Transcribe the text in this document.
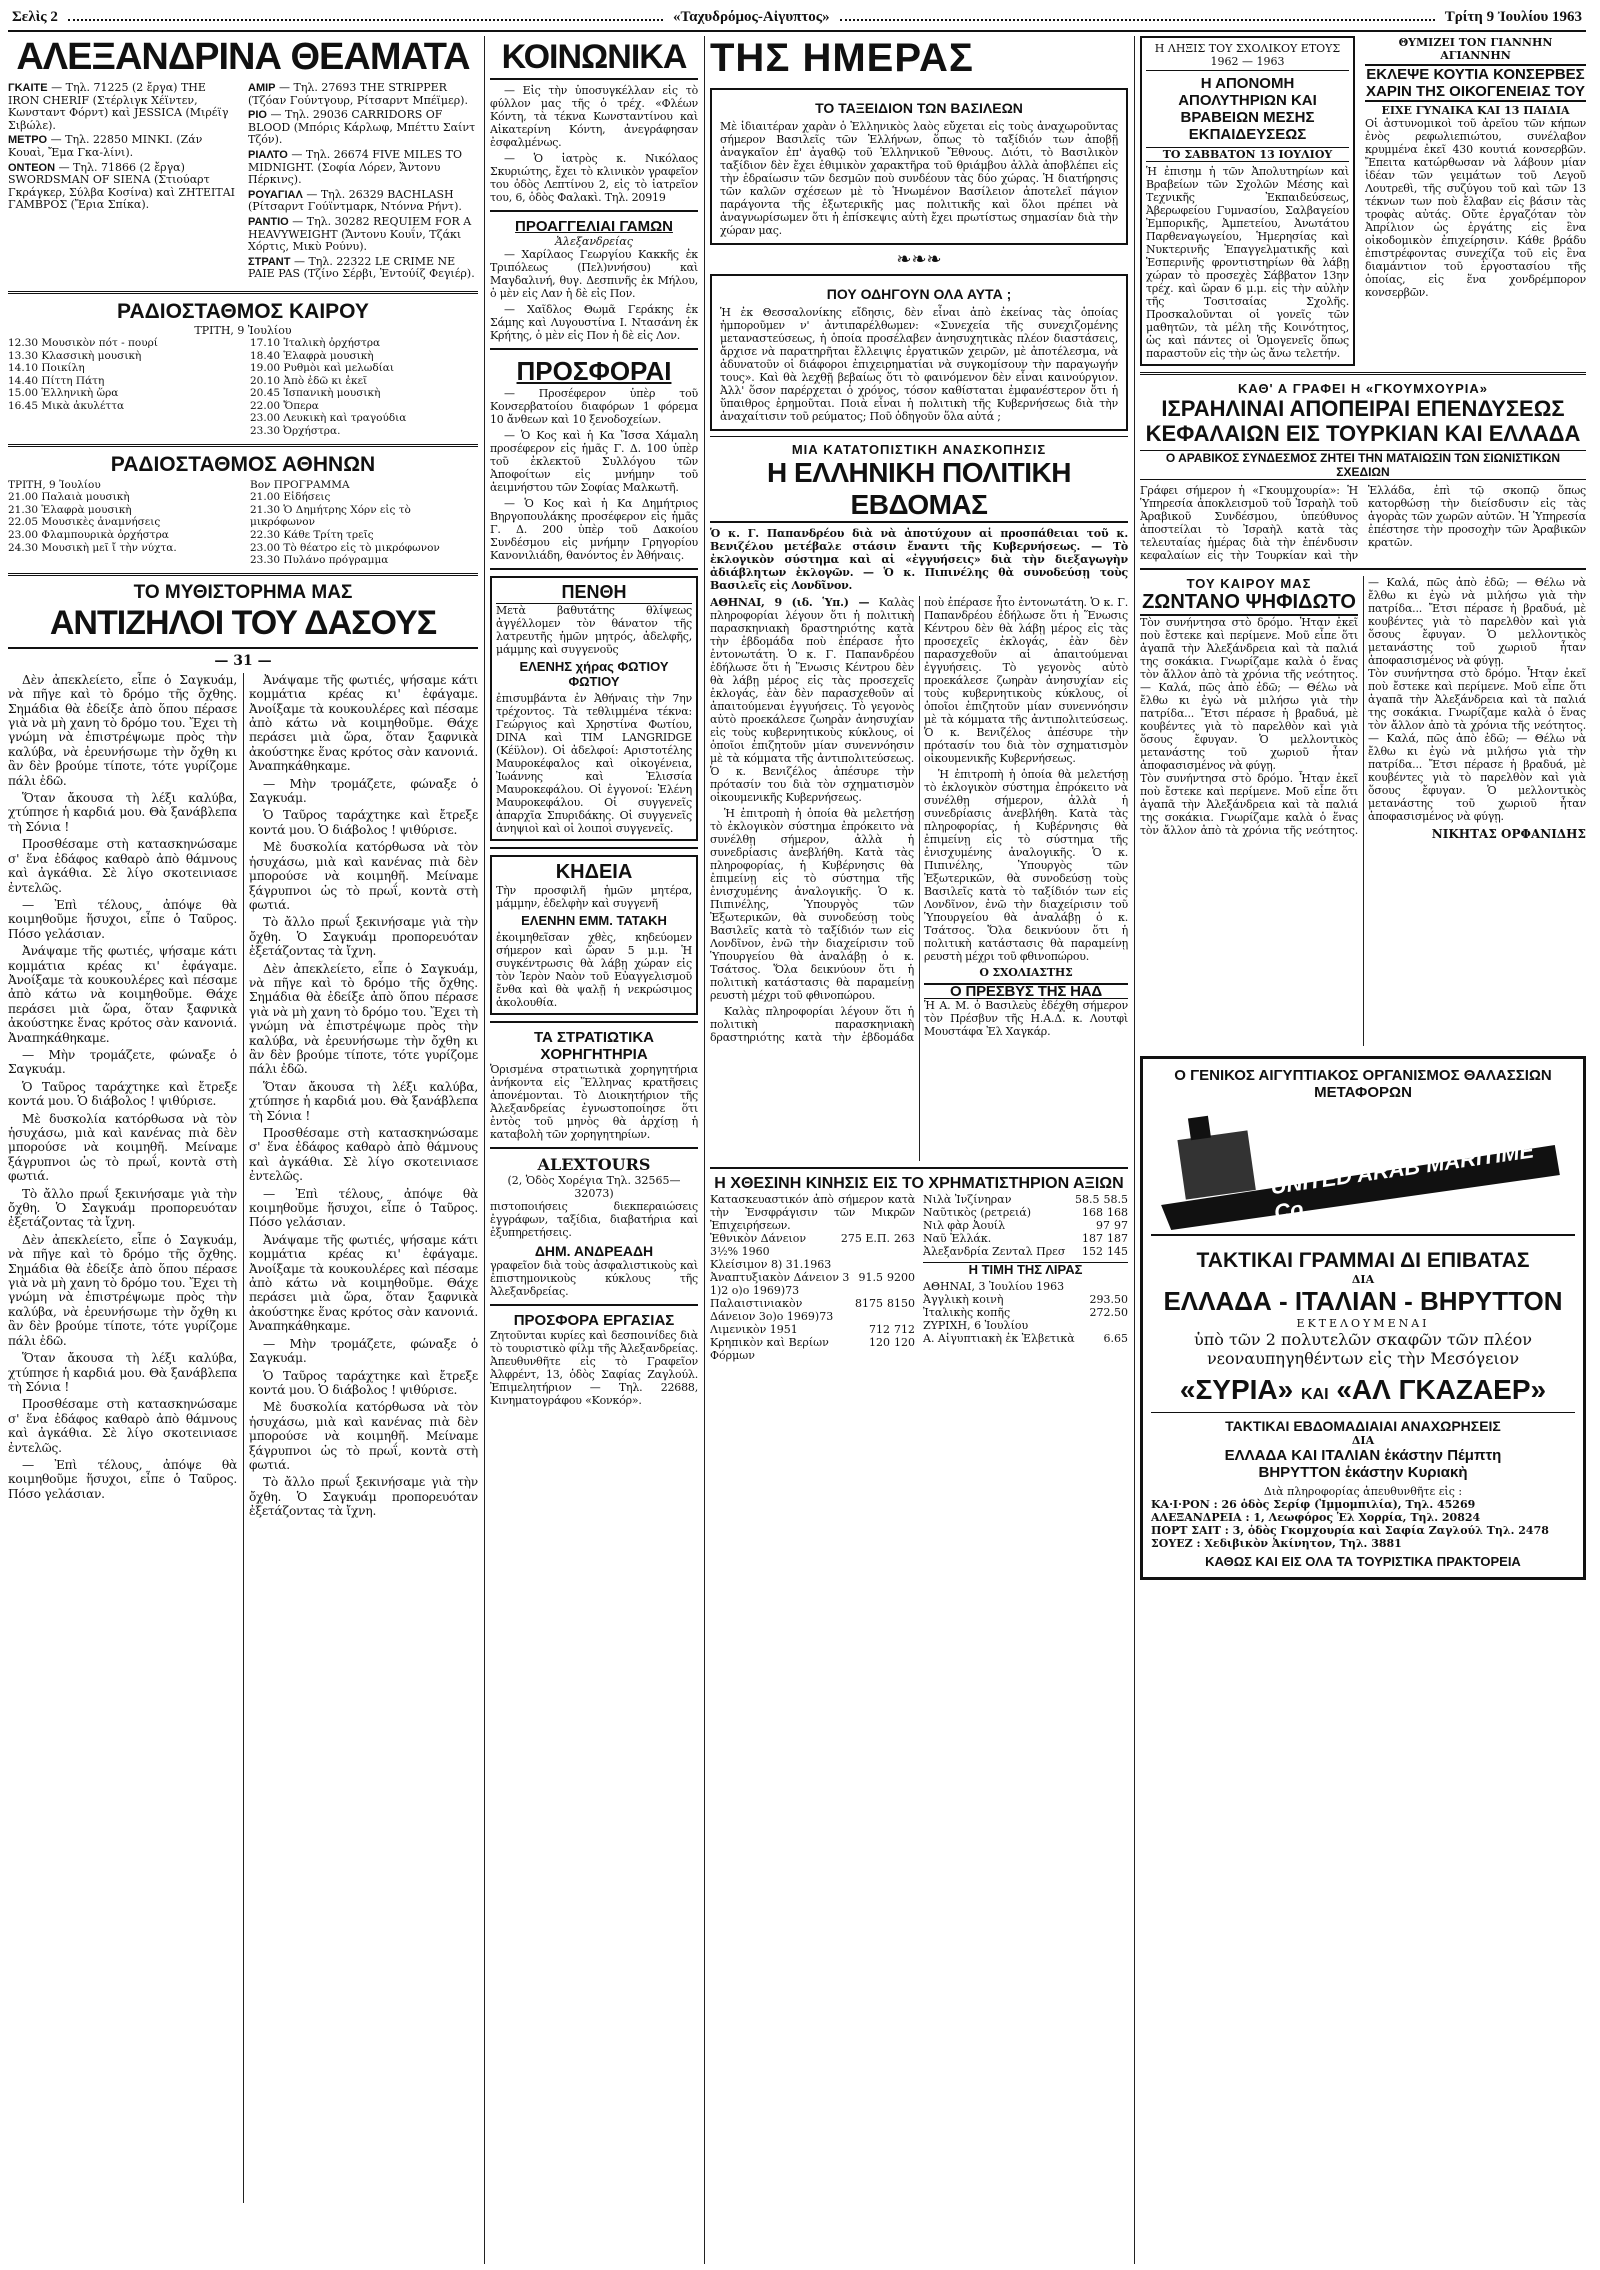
Σελὶς 2	«Ταχυδρόμος-Αἰγυπτος»	Τρίτη 9 Ἰουλίου 1963
ΑΛΕΞΑΝΔΡΙΝΑ ΘΕΑΜΑΤΑ
ΓΚΑΙΤΕ — Τηλ. 71225 (2 ἔργα) THE IRON CHERIF (Στέρλιγκ Χέϊντεν, Κωνσταντ Φόρντ) καὶ JESSICA (Μιρέϊγ Σιβώλε).
ΜΕΤΡΟ — Τηλ. 22850 MINKI. (Ζάν Κουαὶ, Ἔμα Γκα-λίνι).
ΟΝΤΕΟΝ — Τηλ. 71866 (2 ἔργα) SWORDSMAN OF SIENA (Στιούαρτ Γκράγκερ, Σύλβα Κοσίνα) καὶ ΖΗΤΕΙΤΑΙ ΓΑΜΒΡΟΣ (Ἔρια Σπίκα).
ΑΜΙΡ — Τηλ. 27693 THE STRIPPER (Τζόαν Γούντγουρ, Ρίτσαρντ Μπέϊμερ).
ΡΙΟ — Τηλ. 29036 CARRIDORS OF BLOOD (Μπόρις Κάρλωφ, Μπέττυ Σαίντ Τζόν).
ΡΙΑΛΤΟ — Τηλ. 26674 FIVE MILES TO MIDNIGHT. (Σοφία Λόρεν, Ἄντονυ Πέρκινς).
ΡΟΥΑΓΙΑΛ — Τηλ. 26329 BACHLASH (Ρίτσαρντ Γούϊντμαρκ, Ντόννα Ρήντ).
ΡΑΝΤΙΟ — Τηλ. 30282 REQUIEM FOR A HEAVYWEIGHT (Ἄντονυ Κουΐν, Τζάκι Χόρτις, Μικὺ Ρούνυ).
ΣΤΡΑΝΤ — Τηλ. 22322 LE CRIME NE PAIE PAS (Τζίνο Σέρβι, Ἐντούίζ Φεγιέρ).
ΡΑΔΙΟΣΤΑΘΜΟΣ ΚΑΙΡΟΥ
ΤΡΙΤΗ, 9 Ἰουλίου
12.30 Μουσικὸν πότ - πουρί
13.30 Κλασσικὴ μουσικὴ
14.10 Ποικίλη
14.40 Πίττη Πάτη
15.00 Ἑλληνικὴ ὥρα
16.45 Μικὰ ἀκυλέττα
17.10 Ἰταλικὴ ὀρχήστρα
18.40 Ἑλαφρὰ μουσικὴ
19.00 Ρυθμὸι καὶ μελωδίαι
20.10 Ἀπὸ ἐδῶ κι ἐκεῖ
20.45 Ἰσπανικὴ μουσικὴ
22.00 Ὄπερα
23.00 Λευκικὴ καὶ τραγούδια
23.30 Ὀρχήστρα.
ΡΑΔΙΟΣΤΑΘΜΟΣ ΑΘΗΝΩΝ
ΤΡΙΤΗ, 9 Ἰουλίου	Βον ΠΡΟΓΡΑΜΜΑ
21.00 Παλαιὰ μουσικὴ
21.30 Ἑλαφρὰ μουσικὴ
22.05 Μουσικὲς ἀναμνήσεις
23.00 Φλαμπουρικὰ ὀρχήστρα
24.30 Μουσικὴ μεῖ ἴ τὴν νύχτα.
21.00 Εἰδήσεις
21.30 Ὁ Δημήτρης Χόρν εἰς τὸ μικρόφωνον
22.30 Κάθε Τρίτη τρεῖς
23.00 Τὸ θέατρο εἰς τὸ μικρόφωνον
23.30 Πυλάνο πρόγραμμα
ΤΟ ΜΥΘΙΣΤΟΡΗΜΑ ΜΑΣ
ΑΝΤΙΖΗΛΟΙ ΤΟΥ ΔΑΣΟΥΣ
— 31 —

Δὲν ἀπεκλείετο, εἶπε ὁ Σαγκυάμ, νὰ πῆγε καὶ τὸ δρόμο τῆς ὄχθης. Σημάδια θὰ ἐδείξε ἀπὸ ὅπου πέρασε γιὰ νὰ μὴ χανη τὸ δρόμο του. Ἔχει τὴ γνώμη νὰ ἐπιστρέψωμε πρὸς τὴν καλύβα, νὰ ἐρευνήσωμε τὴν ὄχθη κι ἂν δὲν βρούμε τίποτε, τότε γυρίζομε πάλι ἐδῶ.

Ὅταν ἄκουσα τὴ λέξι καλύβα, χτύπησε ἡ καρδιά μου. Θὰ ξανάβλεπα τὴ Σόνια !

Προσθέσαμε στὴ κατασκηνώσαμε σ' ἕνα ἐδάφος καθαρὸ ἀπὸ θάμνους καὶ ἀγκάθια. Σὲ λίγο σκοτεινιασε ἐντελῶς.

— Ἐπὶ τέλους, ἀπόψε θὰ κοιμηθοῦμε ἥσυχοι, εἶπε ὁ Ταῦρος. Πόσο γελάσιαν.

Ἀνάψαμε τῆς φωτιές, ψήσαμε κάτι κομμάτια κρέας κι' ἐφάγαμε. Ἀνοίξαμε τὰ κουκουλέρες καὶ πέσαμε ἀπὸ κάτω νὰ κοιμηθοῦμε. Θάχε περάσει μιὰ ὥρα, ὅταν ξαφνικὰ ἀκούστηκε ἕνας κρότος σὰν κανονιά. Ἀναπηκάθηκαμε.

— Μὴν τρομάζετε, φώναξε ὁ Σαγκυάμ.

Ὁ Ταῦρος ταράχτηκε καὶ ἔτρεξε κοντά μου. Ὁ διάβολος ! ψιθύρισε.

Μὲ δυσκολία κατόρθωσα νὰ τὸν ἡσυχάσω, μιὰ καὶ κανένας πιὰ δὲν μπορούσε νὰ κοιμηθῆ. Μείναμε ξάγρυπνοι ὡς τὸ πρωΐ, κοντὰ στὴ φωτιά.

Τὸ ἄλλο πρωΐ ξεκινήσαμε γιὰ τὴν ὄχθη. Ὁ Σαγκυάμ προπορευόταν ἐξετάζοντας τὰ ἴχνη.

Δὲν ἀπεκλείετο, εἶπε ὁ Σαγκυάμ, νὰ πῆγε καὶ τὸ δρόμο τῆς ὄχθης. Σημάδια θὰ ἐδείξε ἀπὸ ὅπου πέρασε γιὰ νὰ μὴ χανη τὸ δρόμο του. Ἔχει τὴ γνώμη νὰ ἐπιστρέψωμε πρὸς τὴν καλύβα, νὰ ἐρευνήσωμε τὴν ὄχθη κι ἂν δὲν βρούμε τίποτε, τότε γυρίζομε πάλι ἐδῶ.

Ὅταν ἄκουσα τὴ λέξι καλύβα, χτύπησε ἡ καρδιά μου. Θὰ ξανάβλεπα τὴ Σόνια !

Προσθέσαμε στὴ κατασκηνώσαμε σ' ἕνα ἐδάφος καθαρὸ ἀπὸ θάμνους καὶ ἀγκάθια. Σὲ λίγο σκοτεινιασε ἐντελῶς.

— Ἐπὶ τέλους, ἀπόψε θὰ κοιμηθοῦμε ἥσυχοι, εἶπε ὁ Ταῦρος. Πόσο γελάσιαν.

Ἀνάψαμε τῆς φωτιές, ψήσαμε κάτι κομμάτια κρέας κι' ἐφάγαμε. Ἀνοίξαμε τὰ κουκουλέρες καὶ πέσαμε ἀπὸ κάτω νὰ κοιμηθοῦμε. Θάχε περάσει μιὰ ὥρα, ὅταν ξαφνικὰ ἀκούστηκε ἕνας κρότος σὰν κανονιά. Ἀναπηκάθηκαμε.

— Μὴν τρομάζετε, φώναξε ὁ Σαγκυάμ.

Ὁ Ταῦρος ταράχτηκε καὶ ἔτρεξε κοντά μου. Ὁ διάβολος ! ψιθύρισε.

Μὲ δυσκολία κατόρθωσα νὰ τὸν ἡσυχάσω, μιὰ καὶ κανένας πιὰ δὲν μπορούσε νὰ κοιμηθῆ. Μείναμε ξάγρυπνοι ὡς τὸ πρωΐ, κοντὰ στὴ φωτιά.

Τὸ ἄλλο πρωΐ ξεκινήσαμε γιὰ τὴν ὄχθη. Ὁ Σαγκυάμ προπορευόταν ἐξετάζοντας τὰ ἴχνη.

Δὲν ἀπεκλείετο, εἶπε ὁ Σαγκυάμ, νὰ πῆγε καὶ τὸ δρόμο τῆς ὄχθης. Σημάδια θὰ ἐδείξε ἀπὸ ὅπου πέρασε γιὰ νὰ μὴ χανη τὸ δρόμο του. Ἔχει τὴ γνώμη νὰ ἐπιστρέψωμε πρὸς τὴν καλύβα, νὰ ἐρευνήσωμε τὴν ὄχθη κι ἂν δὲν βρούμε τίποτε, τότε γυρίζομε πάλι ἐδῶ.

Ὅταν ἄκουσα τὴ λέξι καλύβα, χτύπησε ἡ καρδιά μου. Θὰ ξανάβλεπα τὴ Σόνια !

Προσθέσαμε στὴ κατασκηνώσαμε σ' ἕνα ἐδάφος καθαρὸ ἀπὸ θάμνους καὶ ἀγκάθια. Σὲ λίγο σκοτεινιασε ἐντελῶς.

— Ἐπὶ τέλους, ἀπόψε θὰ κοιμηθοῦμε ἥσυχοι, εἶπε ὁ Ταῦρος. Πόσο γελάσιαν.

Ἀνάψαμε τῆς φωτιές, ψήσαμε κάτι κομμάτια κρέας κι' ἐφάγαμε. Ἀνοίξαμε τὰ κουκουλέρες καὶ πέσαμε ἀπὸ κάτω νὰ κοιμηθοῦμε. Θάχε περάσει μιὰ ὥρα, ὅταν ξαφνικὰ ἀκούστηκε ἕνας κρότος σὰν κανονιά. Ἀναπηκάθηκαμε.

— Μὴν τρομάζετε, φώναξε ὁ Σαγκυάμ.

Ὁ Ταῦρος ταράχτηκε καὶ ἔτρεξε κοντά μου. Ὁ διάβολος ! ψιθύρισε.

Μὲ δυσκολία κατόρθωσα νὰ τὸν ἡσυχάσω, μιὰ καὶ κανένας πιὰ δὲν μπορούσε νὰ κοιμηθῆ. Μείναμε ξάγρυπνοι ὡς τὸ πρωΐ, κοντὰ στὴ φωτιά.

Τὸ ἄλλο πρωΐ ξεκινήσαμε γιὰ τὴν ὄχθη. Ὁ Σαγκυάμ προπορευόταν ἐξετάζοντας τὰ ἴχνη.

ΚΟΙΝΩΝΙΚΑ

— Εἰς τὴν ὑποσυγκέλλαν εἰς τὸ φύλλον μας τῆς ὁ τρέχ. «Φλέων Κόντη, τὰ τέκνα Κωνσταντίνου καὶ Αἰκατερίνη Κόντη, ἀνεγράφησαν ἐσφαλμένως.

— Ὁ ἰατρὸς κ. Νικόλαος Σκυριώτης, ἔχει τὸ κλινικὸν γραφεῖον του ὁδὸς Λεπτίνου 2, εἰς τὸ ἰατρεῖον του, 6, ὁδὸς Φαλακὶ. Τηλ. 20919

ΠΡΟΑΓΓΕΛΙΑΙ ΓΑΜΩΝ
Ἀλεξανδρείας

— Χαρίλαος Γεωργίου Κακκῆς ἐκ Τριπόλεως (Πελ)ννήσου) καὶ Μαγδαλινή, θυγ. Δεσπινῆς ἐκ Μήλου, ὁ μὲν εἰς Λαν ἡ δὲ εἰς Πον.

— Χαῖδλος Θωμᾶ Γεράκης ἐκ Σάμης καὶ Λυγουστίνα Ι. Ντασάνη ἐκ Κρήτης, ὁ μὲν εἰς Πον ἡ δὲ εἰς Λον.

ΠΡΟΣΦΟΡΑΙ

— Προσέφερον ὑπὲρ τοῦ Κονσερβατοίου διαφόρων 1 φόρεμα 10 ἄνθεων καὶ 10 ξενοδοχείων.

— Ὁ Κος καὶ ἡ Κα Ἴσσα Χάμαλη προσέφερον εἰς ἡμᾶς Γ. Δ. 100 ὑπὲρ τοῦ ἐκλεκτοῦ Συλλόγου τῶν Ἀποφοίτων εἰς μνήμην τοῦ ἀειμνήστου τῶν Σοφίας Μαλκωτῆ.

— Ὁ Κος καὶ ἡ Κα Δημήτριος Βηργοπουλάκης προσέφερον εἰς ἡμᾶς Γ. Δ. 200 ὑπὲρ τοῦ Δακοίου Συνδέσμου εἰς μνήμην Γρηγορίου Κανονιλιάδη, θανόντος ἐν Ἀθήναις.

ΠΕΝΘΗ
Μετὰ βαθυτάτης θλίψεως ἀγγέλλομεν τὸν θάνατον τῆς λατρευτῆς ἡμῶν μητρός, ἀδελφῆς, μάμμης καὶ συγγενοῦς
ΕΛΕΝΗΣ χήρας ΦΩΤΙΟΥ ΦΩΤΙΟΥ
ἐπισυμβάντα ἐν Ἀθήναις τὴν 7ην τρέχοντος. Τὰ τεθλιμμένα τέκνα: Γεώργιος καὶ Χρηστίνα Φωτίου, DINA καὶ TIM LANGRIDGE (Κέϋλον). Οἱ ἀδελφοί: Αριστοτέλης Μαυροκέφαλος καὶ οἰκογένεια, Ἰωάννης καὶ Ἑλισσία Μαυροκεφάλου. Οἱ ἐγγονοί: Ἑλένη Μαυροκεφάλου. Οἱ συγγενεῖς ἀπαρχῖα Σπυριδάκης. Οἱ συγγενεῖς ἀνηψιοὶ καὶ οἱ λοιποὶ συγγενεῖς.
ΚΗΔΕΙΑ
Τὴν προσφιλῆ ἡμῶν μητέρα, μάμμην, ἐδελφὴν καὶ συγγενῆ
ΕΛΕΝΗΝ ΕΜΜ. ΤΑΤΑΚΗ
ἐκοιμηθεῖσαν χθὲς, κηδεύομεν σήμερον καὶ ὥραν 5 μ.μ. Ἡ συγκέντρωσις θὰ λάβῃ χώραν εἰς τὸν Ἱερὸν Ναὸν τοῦ Εὐαγγελισμοῦ ἔνθα καὶ θὰ ψαλῇ ἡ νεκρώσιμος ἀκολουθία.
ΤΑ ΣΤΡΑΤΙΩΤΙΚΑ ΧΟΡΗΓΗΤΗΡΙΑ
Ὁρισμένα στρατιωτικὰ χορηγητήρια ἀνήκοντα εἰς Ἕλληνας κρατῆσεις ἀπονέμονται. Τὸ Διοικητήριον τῆς Ἀλεξανδρείας ἐγνωστοποίησε ὅτι ἐντὸς τοῦ μηνὸς θὰ ἀρχίσῃ ἡ καταβολὴ τῶν χορηγητηρίων.
ALEXTOURS
(2, Ὁδὸς Χορέγια Τηλ. 32565—32073)
πιστοποιήσεις διεκπεραιώσεις ἐγγράφων, ταξίδια, διαβατήρια καὶ ἐξυπηρετήσεις.
ΔΗΜ. ΑΝΔΡΕΑΔΗ
γραφεῖον διὰ τοὺς ἀσφαλιστικοὺς καὶ ἐπιστημονικοὺς κύκλους τῆς Ἀλεξανδρείας.
ΠΡΟΣΦΟΡΑ ΕΡΓΑΣΙΑΣ
Ζητοῦνται κυρίες καὶ δεσποινίδες διὰ τὸ τουριστικὸ φίλμ τῆς Ἀλεξανδρείας. Ἀπευθυνθῆτε εἰς τὸ Γραφεῖον Ἀλφρέντ, 13, ὁδὸς Σαφίας Ζαγλούλ. Ἐπιμελητήριον — Τηλ. 22688, Κινηματογράφου «Κονκόρ».
ΤΗΣ ΗΜΕΡΑΣ
ΤΟ ΤΑΞΕΙΔΙΟΝ ΤΩΝ ΒΑΣΙΛΕΩΝ
Μὲ ἰδιαιτέραν χαρὰν ὁ Ἑλληνικὸς λαὸς εὔχεται εἰς τοὺς ἀναχωροῦντας σήμερον Βασιλεῖς τῶν Ἑλλήνων, ὅπως τὸ ταξίδιόν των ἀποβῇ ἀναγκαῖον ἐπ' ἀγαθῷ τοῦ Ἑλληνικοῦ Ἔθνους. Διότι, τὸ Βασιλικὸν ταξίδιον δὲν ἔχει ἐθιμικὸν χαρακτῆρα τοῦ θριάμβου ἀλλὰ ἀποβλέπει εἰς τὴν ἐδραίωσιν τῶν δεσμῶν ποὺ συνδέουν τὰς δύο χώρας. Ἡ διατήρησις τῶν καλῶν σχέσεων μὲ τὸ Ἡνωμένον Βασίλειον ἀποτελεῖ πάγιον παράγοντα τῆς ἐξωτερικῆς μας πολιτικῆς καὶ ὅλοι πρέπει νὰ ἀναγνωρίσωμεν ὅτι ἡ ἐπίσκεψις αὐτὴ ἔχει πρωτίστως σημασίαν διὰ τὴν χώραν μας.
❧❧❧
ΠΟΥ ΟΔΗΓΟΥΝ ΟΛΑ ΑΥΤΑ ;
Ἡ ἐκ Θεσσαλονίκης εἴδησις, δὲν εἶναι ἀπὸ ἐκείνας τὰς ὁποίας ἠμποροῦμεν ν' ἀντιπαρέλθωμεν: «Συνεχεία τῆς συνεχιζομένης μεταναστεύσεως, ἡ ὁποία προσέλαβεν ἀνησυχητικὰς πλέον διαστάσεις, ἄρχισε νὰ παρατηρῆται ἔλλειψις ἐργατικῶν χειρῶν, μὲ ἀποτέλεσμα, νὰ ἀδυνατοῦν οἱ διάφοροι ἐπιχειρηματίαι νὰ συγκομίσουν τὴν παραγωγήν τους». Καὶ θὰ λεχθῇ βεβαίως ὅτι τὸ φαινόμενον δὲν εἶναι καινούργιον. Ἀλλ' ὅσον παρέρχεται ὁ χρόνος, τόσον καθίσταται ἐμφανέστερον ὅτι ἡ ὕπαιθρος ἐρημοῦται. Ποιὰ εἶναι ἡ πολιτικὴ τῆς Κυβερνήσεως διὰ τὴν ἀναχαίτισιν τοῦ ρεύματος; Ποῦ ὁδηγοῦν ὅλα αὐτά ;
ΜΙΑ ΚΑΤΑΤΟΠΙΣΤΙΚΗ ΑΝΑΣΚΟΠΗΣΙΣ
Η ΕΛΛΗΝΙΚΗ ΠΟΛΙΤΙΚΗ ΕΒΔΟΜΑΣ
Ὁ κ. Γ. Παπανδρέου διὰ νὰ ἀποτύχουν αἱ προσπάθειαι τοῦ κ. Βενιζέλου μετέβαλε στάσιν ἔναντι τῆς Κυβερνήσεως. — Τὸ ἐκλογικὸν σύστημα καὶ αἱ «ἐγγυήσεις» διὰ τὴν διεξαγωγὴν ἀδιάβλητων ἐκλογῶν. — Ὁ κ. Πιπινέλης θὰ συνοδεύσῃ τοὺς Βασιλεῖς εἰς Λονδῖνον.

ΑΘΗΝΑΙ, 9 (ιδ. Ὑπ.) — Καλὰς πληροφορίαι λέγουν ὅτι ἡ πολιτικὴ παρασκηνιακὴ δραστηριότης κατὰ τὴν ἑβδομάδα ποὺ ἐπέρασε ἦτο ἐντονωτάτη. Ὁ κ. Γ. Παπανδρέου ἐδήλωσε ὅτι ἡ Ἕνωσις Κέντρου δὲν θὰ λάβῃ μέρος εἰς τὰς προσεχεῖς ἐκλογάς, ἐὰν δὲν παρασχεθοῦν αἱ ἀπαιτούμεναι ἐγγυήσεις. Τὸ γεγονὸς αὐτὸ προεκάλεσε ζωηρὰν ἀνησυχίαν εἰς τοὺς κυβερνητικοὺς κύκλους, οἱ ὁποῖοι ἐπιζητοῦν μίαν συνεννόησιν μὲ τὰ κόμματα τῆς ἀντιπολιτεύσεως. Ὁ κ. Βενιζέλος ἀπέσυρε τὴν πρότασίν του διὰ τὸν σχηματισμὸν οἰκουμενικῆς Κυβερνήσεως.

Ἡ ἐπιτροπὴ ἡ ὁποία θὰ μελετήσῃ τὸ ἐκλογικὸν σύστημα ἐπρόκειτο νὰ συνέλθῃ σήμερον, ἀλλὰ ἡ συνεδρίασις ἀνεβλήθη. Κατὰ τὰς πληροφορίας, ἡ Κυβέρνησις θὰ ἐπιμείνῃ εἰς τὸ σύστημα τῆς ἐνισχυμένης ἀναλογικῆς. Ὁ κ. Πιπινέλης, Ὑπουργὸς τῶν Ἐξωτερικῶν, θὰ συνοδεύσῃ τοὺς Βασιλεῖς κατὰ τὸ ταξίδιόν των εἰς Λονδῖνον, ἐνῶ τὴν διαχείρισιν τοῦ Ὑπουργείου θὰ ἀναλάβῃ ὁ κ. Τσάτσος. Ὅλα δεικνύουν ὅτι ἡ πολιτικὴ κατάστασις θὰ παραμείνῃ ρευστὴ μέχρι τοῦ φθινοπώρου.

Καλὰς πληροφορίαι λέγουν ὅτι ἡ πολιτικὴ παρασκηνιακὴ δραστηριότης κατὰ τὴν ἑβδομάδα ποὺ ἐπέρασε ἦτο ἐντονωτάτη. Ὁ κ. Γ. Παπανδρέου ἐδήλωσε ὅτι ἡ Ἕνωσις Κέντρου δὲν θὰ λάβῃ μέρος εἰς τὰς προσεχεῖς ἐκλογάς, ἐὰν δὲν παρασχεθοῦν αἱ ἀπαιτούμεναι ἐγγυήσεις. Τὸ γεγονὸς αὐτὸ προεκάλεσε ζωηρὰν ἀνησυχίαν εἰς τοὺς κυβερνητικοὺς κύκλους, οἱ ὁποῖοι ἐπιζητοῦν μίαν συνεννόησιν μὲ τὰ κόμματα τῆς ἀντιπολιτεύσεως. Ὁ κ. Βενιζέλος ἀπέσυρε τὴν πρότασίν του διὰ τὸν σχηματισμὸν οἰκουμενικῆς Κυβερνήσεως.

Ἡ ἐπιτροπὴ ἡ ὁποία θὰ μελετήσῃ τὸ ἐκλογικὸν σύστημα ἐπρόκειτο νὰ συνέλθῃ σήμερον, ἀλλὰ ἡ συνεδρίασις ἀνεβλήθη. Κατὰ τὰς πληροφορίας, ἡ Κυβέρνησις θὰ ἐπιμείνῃ εἰς τὸ σύστημα τῆς ἐνισχυμένης ἀναλογικῆς. Ὁ κ. Πιπινέλης, Ὑπουργὸς τῶν Ἐξωτερικῶν, θὰ συνοδεύσῃ τοὺς Βασιλεῖς κατὰ τὸ ταξίδιόν των εἰς Λονδῖνον, ἐνῶ τὴν διαχείρισιν τοῦ Ὑπουργείου θὰ ἀναλάβῃ ὁ κ. Τσάτσος. Ὅλα δεικνύουν ὅτι ἡ πολιτικὴ κατάστασις θὰ παραμείνῃ ρευστὴ μέχρι τοῦ φθινοπώρου.

Ο ΣΧΟΛΙΑΣΤΗΣ
Ο ΠΡΕΣΒΥΣ ΤΗΣ ΗΑΔ
Ἡ Α. Μ. ὁ Βασιλεὺς ἐδέχθη σήμερον τὸν Πρέσβυν τῆς Η.Α.Δ. κ. Λουτφὶ Μουστάφα Ἐλ Χαγκάρ.
Η ΧΘΕΣΙΝΗ ΚΙΝΗΣΙΣ ΕΙΣ ΤΟ ΧΡΗΜΑΤΙΣΤΗΡΙΟΝ ΑΞΙΩΝ
Κατασκευαστικόν ἀπὸ σήμερον κατὰ τὴν Ἐνσφράγισιν τῶν Μικρῶν Ἐπιχειρήσεων.
Ἐθνικὸν Δάνειον 3½% 1960
275 Ε.Π. 263
Κλείσιμον 8) 31.1963
Ἀναπτυξιακὸν Δάνειον 3 1)2 ο)ο 1969)73
91.5 9200
Παλαιστινιακὸν Δάνειον 3ο)ο 1969)73
8175 8150
Λιμενικὸν 1951	712 712
Κρηπικὸν καὶ Βερίων Φόρμων
120 120
Νιλὰ Ἰνζίνηραν	58.5 58.5
Ναῦτικὸς (ρετρειά)	168 168
Νιλ φὰρ Ἀουίλ	97 97
Ναῦ Ἑλλάκ.	187 187
Ἀλεξανδρία Ζενταλ Πρεσ	152 145
Η ΤΙΜΗ ΤΗΣ ΛΙΡΑΣ
ΑΘΗΝΑΙ, 3 Ἰουλίου 1963
Ἀγγλικὴ κοινὴ	293.50
Ἰταλικὴς κοπῆς	272.50
ΖΥΡΙΧΗ, 6 Ἰουλίου
Α. Αἰγυπτιακὴ ἐκ Ἑλβετικὰ	6.65
Η ΛΗΞΙΣ ΤΟΥ ΣΧΟΛΙΚΟΥ ΕΤΟΥΣ 1962 — 1963
Η ΑΠΟΝΟΜΗ ΑΠΟΛΥΤΗΡΙΩΝ ΚΑΙ ΒΡΑΒΕΙΩΝ ΜΕΣΗΣ ΕΚΠΑΙΔΕΥΣΕΩΣ
ΤΟ ΣΑΒΒΑΤΟΝ 13 ΙΟΥΛΙΟΥ
Ἡ ἐπισημ ἡ τῶν Ἀπολυτηρίων καὶ Βραβείων τῶν Σχολῶν Μέσης καὶ Τεχνικῆς Ἐκπαιδεύσεως, Ἀβερωφείου Γυμνασίου, Σαλβαγείου Ἐμπορικῆς, Ἀμπετείου, Ἀνωτάτου Παρθεναγωγείου, Ἡμερησίας καὶ Νυκτερινῆς Ἐπαγγελματικῆς καὶ Ἑσπερινῆς φροντιστηρίων θὰ λάβῃ χώραν τὸ προσεχὲς Σάββατον 13ην τρέχ. καὶ ὥραν 6 μ.μ. εἰς τὴν αὐλὴν τῆς Τοσιτσαίας Σχολῆς. Προσκαλοῦνται οἱ γονεῖς τῶν μαθητῶν, τὰ μέλη τῆς Κοινότητος, ὡς καὶ πάντες οἱ Ὁμογενεῖς ὅπως παραστοῦν εἰς τὴν ὡς ἄνω τελετήν.
ΘΥΜΙΖΕΙ ΤΟΝ ΓΙΑΝΝΗΝ ΑΓΙΑΝΝΗΝ
ΕΚΛΕΨΕ ΚΟΥΤΙΑ ΚΟΝΣΕΡΒΕΣ ΧΑΡΙΝ ΤΗΣ ΟΙΚΟΓΕΝΕΙΑΣ ΤΟΥ
ΕΙΧΕ ΓΥΝΑΙΚΑ ΚΑΙ 13 ΠΑΙΔΙΑ
Οἱ ἀστυνομικοὶ τοῦ ἀρεῖου τῶν κήπων ἐνὸς ρεφωλιεπιώτου, συνέλαβον κρυμμένα ἐκεῖ 430 κουτιά κονσερβῶν. Ἔπειτα κατώρθωσαν νὰ λάβουν μίαν ἰδέαν τῶν γειμάτων τοῦ Λεγοῦ Λουτρεθὶ, τῆς συζύγου τοῦ καὶ τῶν 13 τέκνων των ποὺ ἔλαβαν εἰς βάσιν τὰς τροφὰς αὐτάς. Οὔτε ἐργαζόταν τὸν Ἀπρίλιον ὡς ἐργάτης εἰς ἓνα οἰκοδομικὸν ἐπιχείρησιν. Κάθε βράδυ ἐπιστρέφοντας συνεχίζα τοῦ εἰς ἓνα διαμάντιον τοῦ ἐργοστασίου τῆς ὁποίας, εἰς ἕνα χονδρέμπορον κονσερβῶν.
ΚΑΘ' Α ΓΡΑΦΕΙ Η «ΓΚΟΥΜΧΟΥΡΙΑ»
ΙΣΡΑΗΛΙΝΑΙ ΑΠΟΠΕΙΡΑΙ ΕΠΕΝΔΥΣΕΩΣ ΚΕΦΑΛΑΙΩΝ ΕΙΣ ΤΟΥΡΚΙΑΝ ΚΑΙ ΕΛΛΑΔΑ
Ο ΑΡΑΒΙΚΟΣ ΣΥΝΔΕΣΜΟΣ ΖΗΤΕΙ ΤΗΝ ΜΑΤΑΙΩΣΙΝ ΤΩΝ ΣΙΩΝΙΣΤΙΚΩΝ ΣΧΕΔΙΩΝ
Γράφει σήμερον ἡ «Γκουμχουρία»: Ἡ Ὑπηρεσία ἀποκλεισμοῦ τοῦ Ἰσραὴλ τοῦ Ἀραβικοῦ Συνδέσμου, ὑπεύθυνος ἀποστείλαι τὸ Ἰσραὴλ κατὰ τὰς τελευταίας ἡμέρας διὰ τὴν ἐπένδυσιν κεφαλαίων εἰς τὴν Τουρκίαν καὶ τὴν Ἑλλάδα, ἐπὶ τῷ σκοπῷ ὅπως κατορθώσῃ τὴν διείσδυσιν εἰς τὰς ἀγορὰς τῶν χωρῶν αὐτῶν. Ἡ Ὑπηρεσία ἐπέστησε τὴν προσοχὴν τῶν Ἀραβικῶν κρατῶν.
ΤΟΥ ΚΑΙΡΟΥ ΜΑΣ
ΖΩΝΤΑΝΟ ΨΗΦΙΔΩΤΟ
Τὸν συνήντησα στὸ δρόμο. Ἦταν ἐκεῖ ποὺ ἔστεκε καὶ περίμενε. Μοῦ εἶπε ὅτι ἀγαπᾶ τὴν Ἀλεξάνδρεια καὶ τὰ παλιά της σοκάκια. Γνωρίζαμε καλὰ ὁ ἕνας τὸν ἄλλον ἀπὸ τὰ χρόνια τῆς νεότητος. — Καλά, πῶς ἀπὸ ἐδῶ; — Θέλω νὰ ἔλθω κι ἐγὼ νὰ μιλήσω γιὰ τὴν πατρίδα... Ἔτσι πέρασε ἡ βραδυά, μὲ κουβέντες γιὰ τὸ παρελθὸν καὶ γιὰ ὅσους ἔφυγαν. Ὁ μελλοντικὸς μετανάστης τοῦ χωριοῦ ἦταν ἀποφασισμένος νὰ φύγῃ.
Τὸν συνήντησα στὸ δρόμο. Ἦταν ἐκεῖ ποὺ ἔστεκε καὶ περίμενε. Μοῦ εἶπε ὅτι ἀγαπᾶ τὴν Ἀλεξάνδρεια καὶ τὰ παλιά της σοκάκια. Γνωρίζαμε καλὰ ὁ ἕνας τὸν ἄλλον ἀπὸ τὰ χρόνια τῆς νεότητος. — Καλά, πῶς ἀπὸ ἐδῶ; — Θέλω νὰ ἔλθω κι ἐγὼ νὰ μιλήσω γιὰ τὴν πατρίδα... Ἔτσι πέρασε ἡ βραδυά, μὲ κουβέντες γιὰ τὸ παρελθὸν καὶ γιὰ ὅσους ἔφυγαν. Ὁ μελλοντικὸς μετανάστης τοῦ χωριοῦ ἦταν ἀποφασισμένος νὰ φύγῃ.
Τὸν συνήντησα στὸ δρόμο. Ἦταν ἐκεῖ ποὺ ἔστεκε καὶ περίμενε. Μοῦ εἶπε ὅτι ἀγαπᾶ τὴν Ἀλεξάνδρεια καὶ τὰ παλιά της σοκάκια. Γνωρίζαμε καλὰ ὁ ἕνας τὸν ἄλλον ἀπὸ τὰ χρόνια τῆς νεότητος. — Καλά, πῶς ἀπὸ ἐδῶ; — Θέλω νὰ ἔλθω κι ἐγὼ νὰ μιλήσω γιὰ τὴν πατρίδα... Ἔτσι πέρασε ἡ βραδυά, μὲ κουβέντες γιὰ τὸ παρελθὸν καὶ γιὰ ὅσους ἔφυγαν. Ὁ μελλοντικὸς μετανάστης τοῦ χωριοῦ ἦταν ἀποφασισμένος νὰ φύγῃ.
ΝΙΚΗΤΑΣ ΟΡΦΑΝΙΔΗΣ
Ο ΓΕΝΙΚΟΣ ΑΙΓΥΠΤΙΑΚΟΣ ΟΡΓΑΝΙΣΜΟΣ ΘΑΛΑΣΣΙΩΝ ΜΕΤΑΦΟΡΩΝ
UNITED ARAB MARITIME Co.
ΤΑΚΤΙΚΑΙ ΓΡΑΜΜΑΙ ΔΙ ΕΠΙΒΑΤΑΣ
ΔΙΑ
ΕΛΛΑΔΑ - ΙΤΑΛΙΑΝ - ΒΗΡΥΤΤΟΝ
ΕΚΤΕΛΟΥΜΕΝΑΙ
ὑπὸ τῶν 2 πολυτελῶν σκαφῶν τῶν πλέον νεοναυπηγηθέντων εἰς τὴν Μεσόγειον
«ΣΥΡΙΑ» ΚΑΙ «ΑΛ ΓΚΑΖΑΕΡ»
ΤΑΚΤΙΚΑΙ ΕΒΔΟΜΑΔΙΑΙΑΙ ΑΝΑΧΩΡΗΣΕΙΣ
ΔΙΑ
ΕΛΛΑΔΑ ΚΑΙ ΙΤΑΛΙΑΝ ἑκάστην Πέμπτη
ΒΗΡΥΤΤΟΝ ἑκάστην Κυριακὴ
Διὰ πληροφορίας ἀπευθυνθῆτε εἰς :
ΚΑ·Ι·ΡΟΝ : 26 ὁδὸς Σερίφ (Ἰμμομπιλία), Τηλ. 45269
ΑΛΕΞΑΝΔΡΕΙΑ : 1, Λεωφόρος Ἑλ Χορρία, Τηλ. 20824
ΠΟΡΤ ΣΑΙΤ : 3, ὁδὸς Γκομχουρία καὶ Σαφία Ζαγλούλ Τηλ. 2478
ΣΟΥΕΖ : Χεδιβικὸν Ἀκίνητον, Τηλ. 3881
ΚΑΘΩΣ ΚΑΙ ΕΙΣ ΟΛΑ ΤΑ ΤΟΥΡΙΣΤΙΚΑ ΠΡΑΚΤΟΡΕΙΑ
